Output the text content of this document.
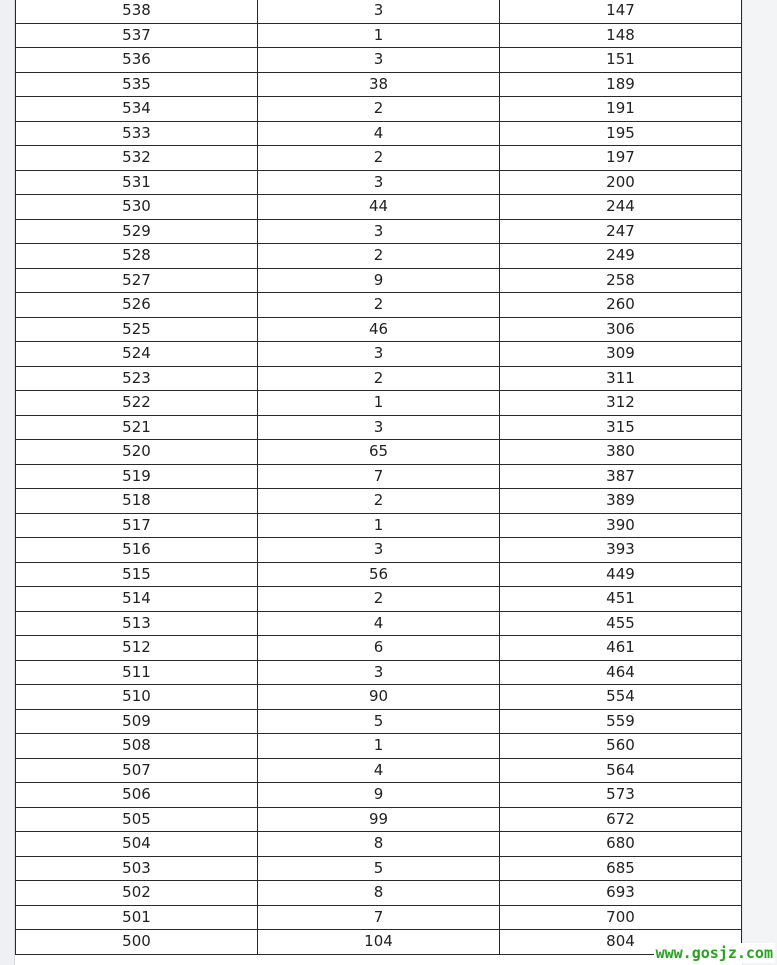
538	3	147
537	1	148
536	3	151
535	38	189
534	2	191
533	4	195
532	2	197
531	3	200
530	44	244
529	3	247
528	2	249
527	9	258
526	2	260
525	46	306
524	3	309
523	2	311
522	1	312
521	3	315
520	65	380
519	7	387
518	2	389
517	1	390
516	3	393
515	56	449
514	2	451
513	4	455
512	6	461
511	3	464
510	90	554
509	5	559
508	1	560
507	4	564
506	9	573
505	99	672
504	8	680
503	5	685
502	8	693
501	7	700
500	104	804
www.gosjz.com
